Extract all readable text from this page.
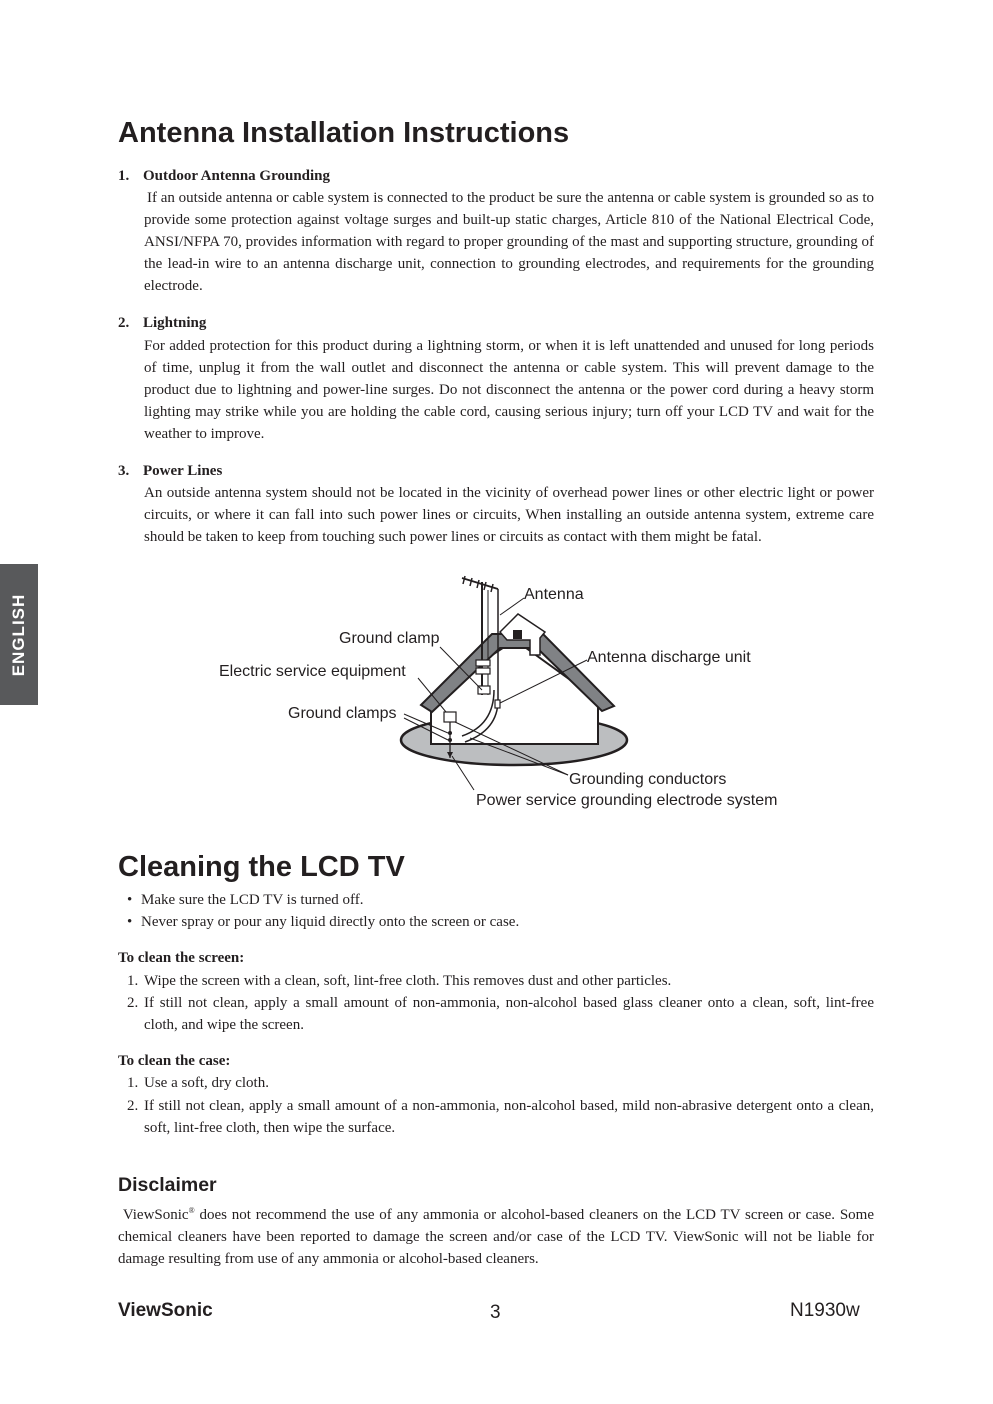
ENGLISH
Antenna Installation Instructions
1. Outdoor Antenna Grounding

If an outside antenna or cable system is connected to the product be sure the antenna or cable system is grounded so as to provide some protection against voltage surges and built-up static charges, Article 810 of the National Electrical Code, ANSI/NFPA 70, provides information with regard to proper grounding of the mast and supporting structure, grounding of the lead-in wire to an antenna discharge unit, connection to grounding electrodes, and requirements for the grounding electrode.

2. Lightning

For added protection for this product during a lightning storm, or when it is left unattended and unused for long periods of time, unplug it from the wall outlet and disconnect the antenna or cable system. This will prevent damage to the product due to lightning and power-line surges. Do not disconnect the antenna or the power cord during a heavy storm lighting may strike while you are holding the cable cord, causing serious injury; turn off your LCD TV and wait for the weather to improve.

3. Power Lines

An outside antenna system should not be located in the vicinity of overhead power lines or other electric light or power circuits, or where it can fall into such power lines or circuits, When installing an outside antenna system, extreme care should be taken to keep from touching such power lines or circuits as contact with them might be fatal.

Antenna
Ground clamp
Electric service equipment
Antenna discharge unit
Ground clamps
Grounding conductors
Power service grounding electrode system
Cleaning the LCD TV
• Make sure the LCD TV is turned off.
• Never spray or pour any liquid directly onto the screen or case.
To clean the screen:
1. Wipe the screen with a clean, soft, lint-free cloth. This removes dust and other particles.
2. If still not clean, apply a small amount of non-ammonia, non-alcohol based glass cleaner onto a clean, soft, lint-free cloth, and wipe the screen.
To clean the case:
1. Use a soft, dry cloth.
2. If still not clean, apply a small amount of a non-ammonia, non-alcohol based, mild non-abrasive detergent onto a clean, soft, lint-free cloth, then wipe the surface.
Disclaimer

ViewSonic® does not recommend the use of any ammonia or alcohol-based cleaners on the LCD TV screen or case. Some chemical cleaners have been reported to damage the screen and/or case of the LCD TV. ViewSonic will not be liable for damage resulting from use of any ammonia or alcohol-based cleaners.

ViewSonic	3	N1930w
